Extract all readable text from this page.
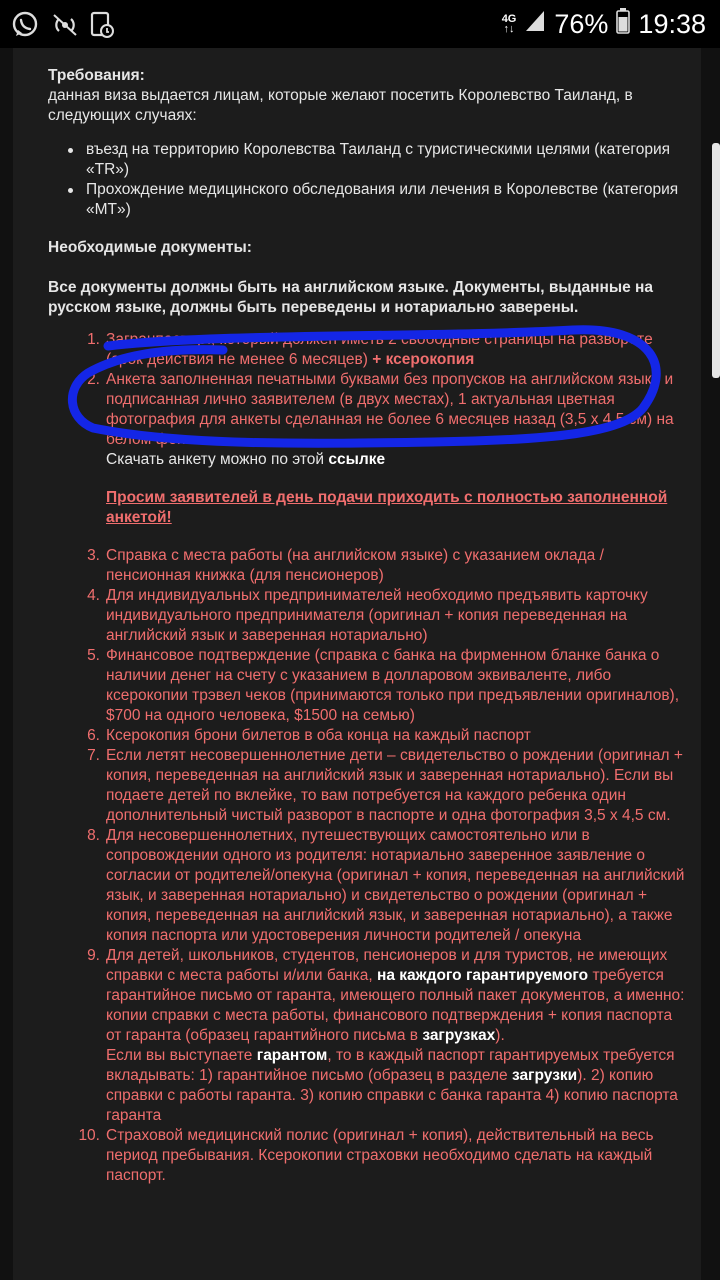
4G
↑↓ 76% 19:38

Требования:

данная виза выдается лицам, которые желают посетить Королевство Таиланд, в следующих случаях:

въезд на территорию Королевства Таиланд с туристическими целями (категория «TR»)
Прохождение медицинского обследования или лечения в Королевстве (категория «MT»)

Необходимые документы:

Все документы должны быть на английском языке. Документы, выданные на русском языке, должны быть переведены и нотариально заверены.

1. Загранпаспорт, который должен иметь 2 свободные страницы на развороте (срок действия не менее 6 месяцев) + ксерокопия
2. Анкета заполненная печатными буквами без пропусков на английском языке и подписанная лично заявителем (в двух местах), 1 актуальная цветная фотография для анкеты сделанная не более 6 месяцев назад (3,5 х 4,5 см) на белом фоне.
Скачать анкету можно по этой ссылке
Просим заявителей в день подачи приходить с полностью заполненной анкетой!
3. Справка с места работы (на английском языке) с указанием оклада / пенсионная книжка (для пенсионеров)
4. Для индивидуальных предпринимателей необходимо предъявить карточку индивидуального предпринимателя (оригинал + копия переведенная на английский язык и заверенная нотариально)
5. Финансовое подтверждение (справка с банка на фирменном бланке банка о наличии денег на счету с указанием в долларовом эквиваленте, либо ксерокопии трэвел чеков (принимаются только при предъявлении оригиналов), $700 на одного человека, $1500 на семью)
6. Ксерокопия брони билетов в оба конца на каждый паспорт
7. Если летят несовершеннолетние дети – свидетельство о рождении (оригинал + копия, переведенная на английский язык и заверенная нотариально). Если вы подаете детей по вклейке, то вам потребуется на каждого ребенка один дополнительный чистый разворот в паспорте и одна фотография 3,5 х 4,5 см.
8. Для несовершеннолетних, путешествующих самостоятельно или в сопровождении одного из родителя: нотариально заверенное заявление о согласии от родителей/опекуна (оригинал + копия, переведенная на английский язык, и заверенная нотариально) и свидетельство о рождении (оригинал + копия, переведенная на английский язык, и заверенная нотариально), а также копия паспорта или удостоверения личности родителей / опекуна
9. Для детей, школьников, студентов, пенсионеров и для туристов, не имеющих справки с места работы и/или банка, на каждого гарантируемого требуется гарантийное письмо от гаранта, имеющего полный пакет документов, а именно: копии справки с места работы, финансового подтверждения + копия паспорта от гаранта (образец гарантийного письма в загрузках).
Если вы выступаете гарантом, то в каждый паспорт гарантируемых требуется вкладывать: 1) гарантийное письмо (образец в разделе загрузки). 2) копию справки с работы гаранта. 3) копию справки с банка гаранта 4) копию паспорта гаранта
10. Страховой медицинский полис (оригинал + копия), действительный на весь период пребывания. Ксерокопии страховки необходимо сделать на каждый паспорт.
